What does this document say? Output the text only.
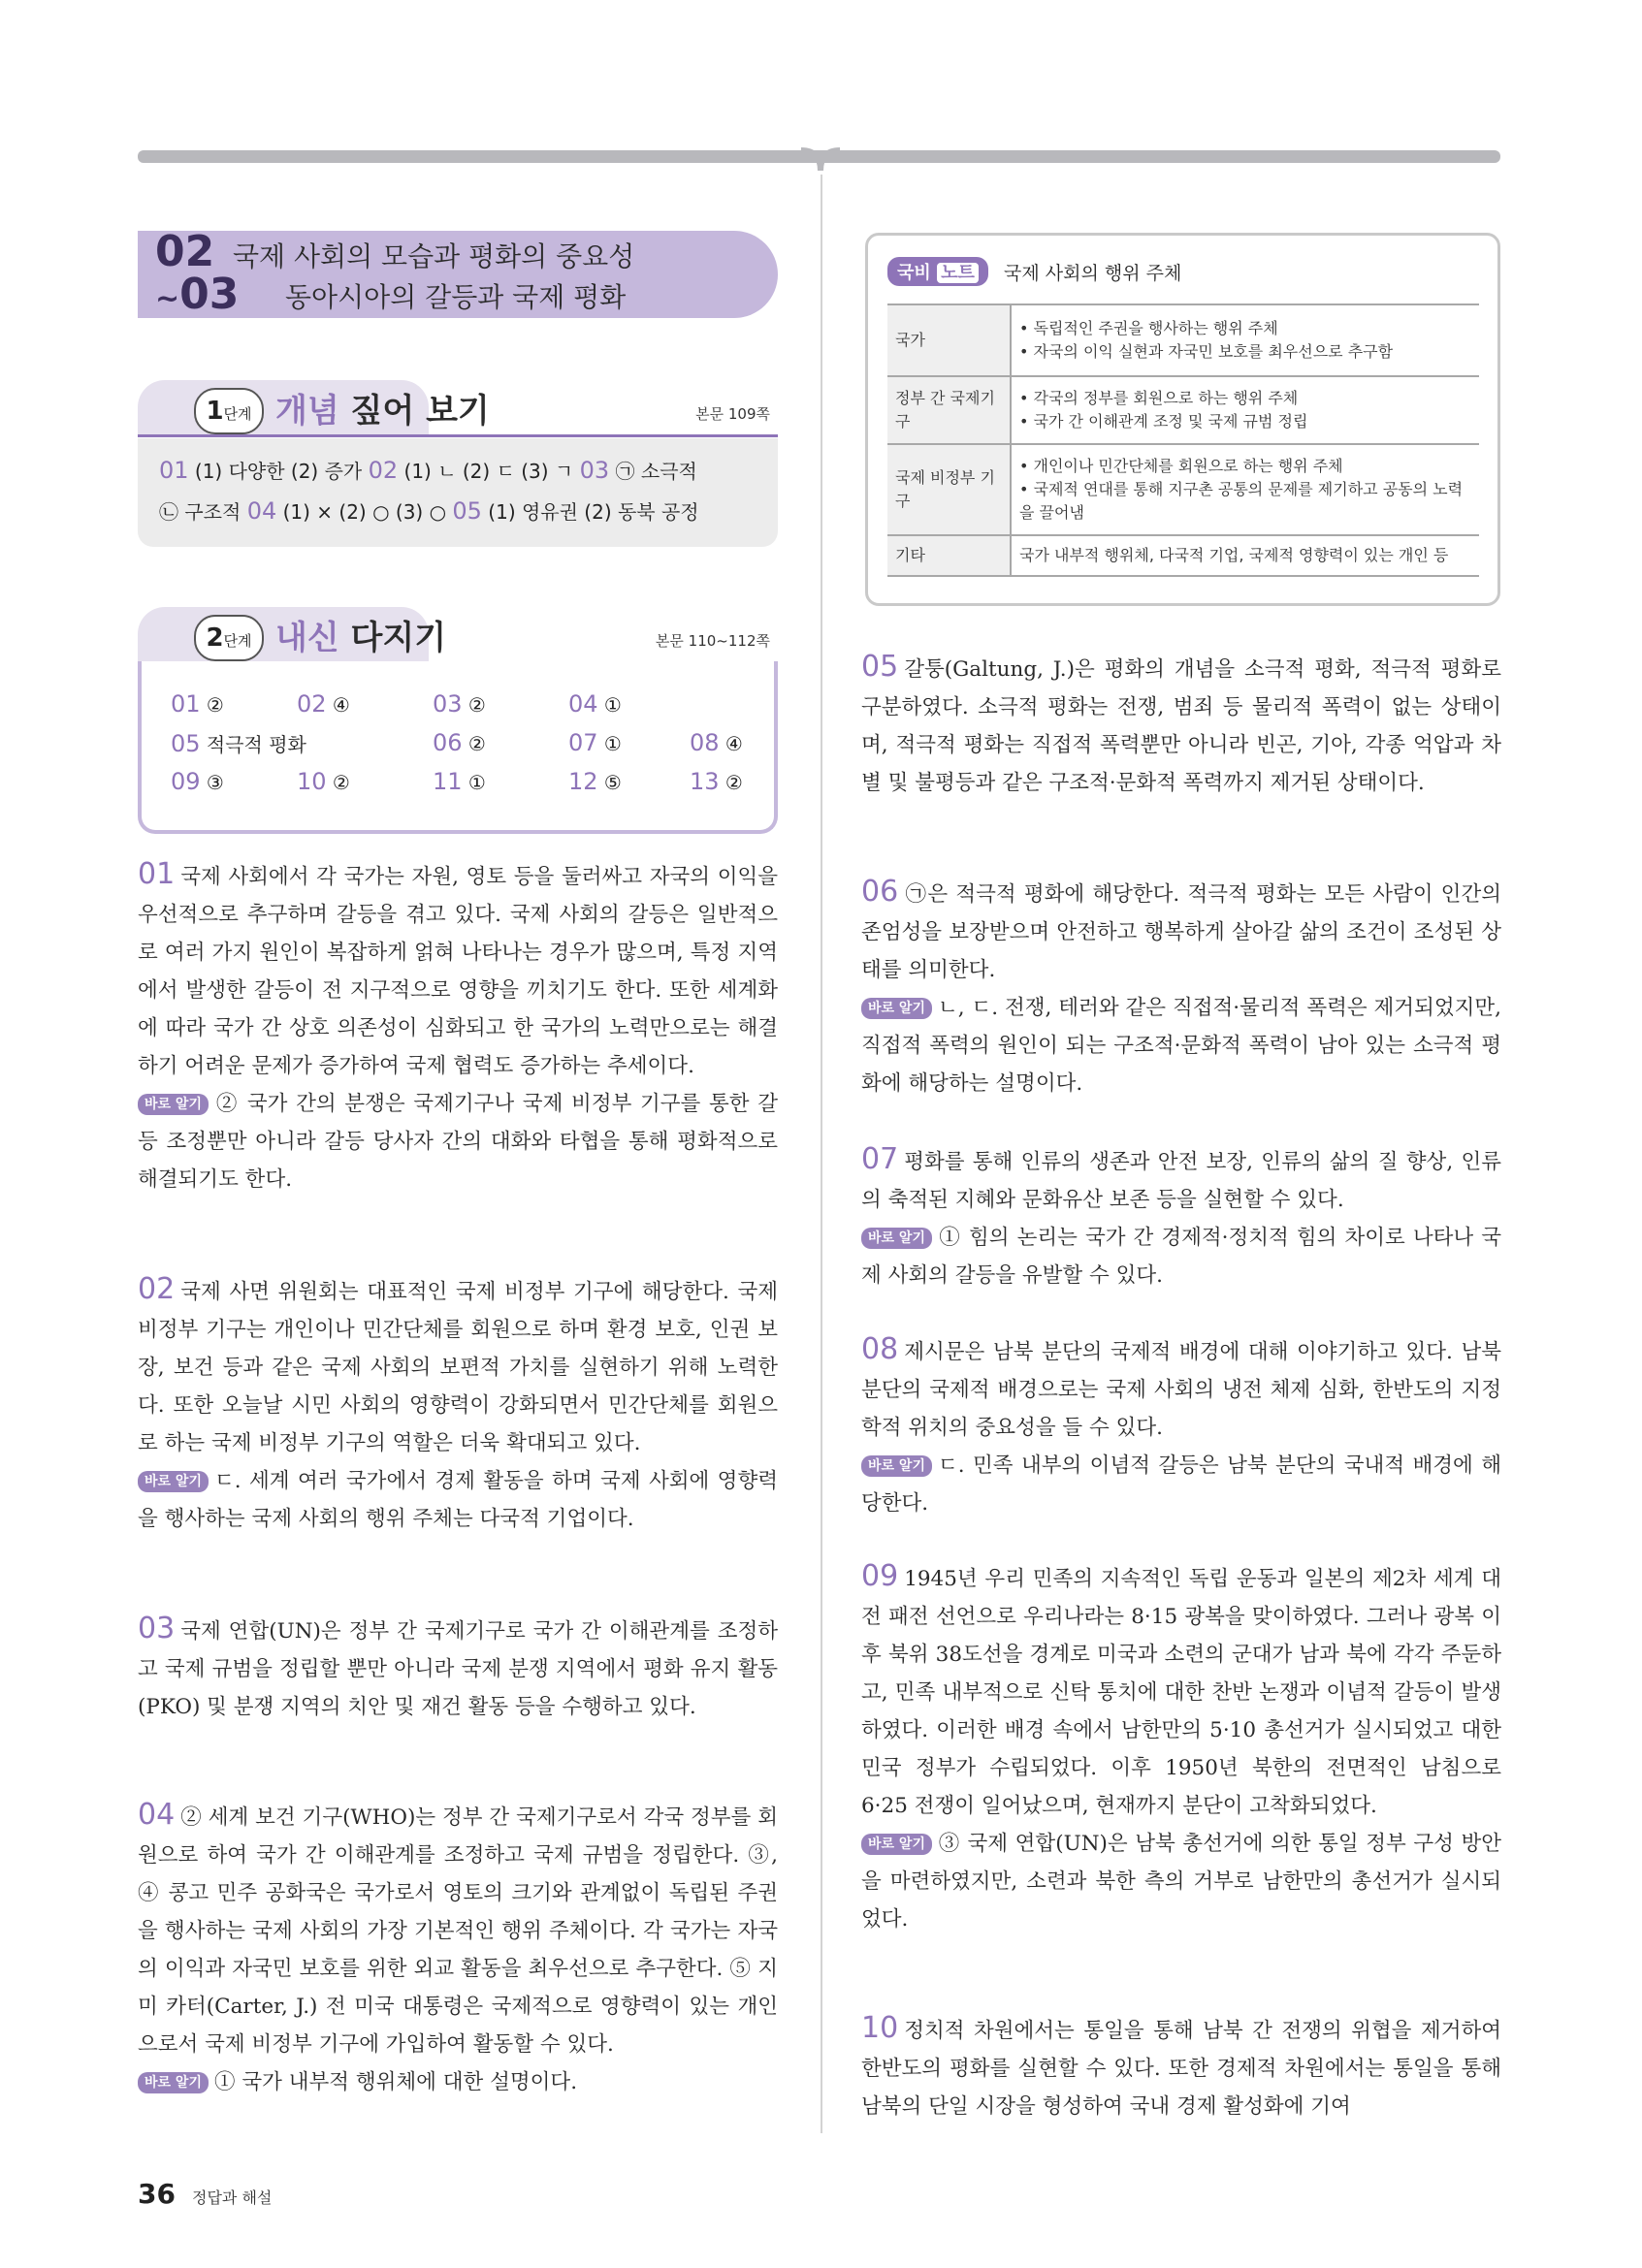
02
~03
국제 사회의 모습과 평화의 중요성
동아시아의 갈등과 국제 평화
1단계 개념 짚어 보기	본문 109쪽
01 (1) 다양한 (2) 증가 02 (1) ㄴ (2) ㄷ (3) ㄱ 03 ㉠ 소극적
㉡ 구조적 04 (1) × (2) ○ (3) ○ 05 (1) 영유권 (2) 동북 공정
2단계 내신 다지기	본문 110~112쪽
01 ②	02 ④	03 ②	04 ①
05 적극적 평화	06 ②	07 ①	08 ④
09 ③	10 ②	11 ①	12 ⑤	13 ②
01 국제 사회에서 각 국가는 자원, 영토 등을 둘러싸고 자국의 이익을 우선적으로 추구하며 갈등을 겪고 있다. 국제 사회의 갈등은 일반적으로 여러 가지 원인이 복잡하게 얽혀 나타나는 경우가 많으며, 특정 지역에서 발생한 갈등이 전 지구적으로 영향을 끼치기도 한다. 또한 세계화에 따라 국가 간 상호 의존성이 심화되고 한 국가의 노력만으로는 해결하기 어려운 문제가 증가하여 국제 협력도 증가하는 추세이다.
바로 알기 ② 국가 간의 분쟁은 국제기구나 국제 비정부 기구를 통한 갈등 조정뿐만 아니라 갈등 당사자 간의 대화와 타협을 통해 평화적으로 해결되기도 한다.
02 국제 사면 위원회는 대표적인 국제 비정부 기구에 해당한다. 국제 비정부 기구는 개인이나 민간단체를 회원으로 하며 환경 보호, 인권 보장, 보건 등과 같은 국제 사회의 보편적 가치를 실현하기 위해 노력한다. 또한 오늘날 시민 사회의 영향력이 강화되면서 민간단체를 회원으로 하는 국제 비정부 기구의 역할은 더욱 확대되고 있다.
바로 알기 ㄷ. 세계 여러 국가에서 경제 활동을 하며 국제 사회에 영향력을 행사하는 국제 사회의 행위 주체는 다국적 기업이다.
03 국제 연합(UN)은 정부 간 국제기구로 국가 간 이해관계를 조정하고 국제 규범을 정립할 뿐만 아니라 국제 분쟁 지역에서 평화 유지 활동(PKO) 및 분쟁 지역의 치안 및 재건 활동 등을 수행하고 있다.
04 ② 세계 보건 기구(WHO)는 정부 간 국제기구로서 각국 정부를 회원으로 하여 국가 간 이해관계를 조정하고 국제 규범을 정립한다. ③, ④ 콩고 민주 공화국은 국가로서 영토의 크기와 관계없이 독립된 주권을 행사하는 국제 사회의 가장 기본적인 행위 주체이다. 각 국가는 자국의 이익과 자국민 보호를 위한 외교 활동을 최우선으로 추구한다. ⑤ 지미 카터(Carter, J.) 전 미국 대통령은 국제적으로 영향력이 있는 개인으로서 국제 비정부 기구에 가입하여 활동할 수 있다.
바로 알기 ① 국가 내부적 행위체에 대한 설명이다.
국비 노트	국제 사회의 행위 주체
국가	• 독립적인 주권을 행사하는 행위 주체
• 자국의 이익 실현과 자국민 보호를 최우선으로 추구함

정부 간 국제기구	• 각국의 정부를 회원으로 하는 행위 주체
• 국가 간 이해관계 조정 및 국제 규범 정립

국제 비정부 기구	• 개인이나 민간단체를 회원으로 하는 행위 주체
• 국제적 연대를 통해 지구촌 공통의 문제를 제기하고 공동의 노력을 끌어냄

기타	국가 내부적 행위체, 다국적 기업, 국제적 영향력이 있는 개인 등
05 갈퉁(Galtung, J.)은 평화의 개념을 소극적 평화, 적극적 평화로 구분하였다. 소극적 평화는 전쟁, 범죄 등 물리적 폭력이 없는 상태이며, 적극적 평화는 직접적 폭력뿐만 아니라 빈곤, 기아, 각종 억압과 차별 및 불평등과 같은 구조적·문화적 폭력까지 제거된 상태이다.
06 ㉠은 적극적 평화에 해당한다. 적극적 평화는 모든 사람이 인간의 존엄성을 보장받으며 안전하고 행복하게 살아갈 삶의 조건이 조성된 상태를 의미한다.
바로 알기 ㄴ, ㄷ. 전쟁, 테러와 같은 직접적·물리적 폭력은 제거되었지만, 직접적 폭력의 원인이 되는 구조적·문화적 폭력이 남아 있는 소극적 평화에 해당하는 설명이다.
07 평화를 통해 인류의 생존과 안전 보장, 인류의 삶의 질 향상, 인류의 축적된 지혜와 문화유산 보존 등을 실현할 수 있다.
바로 알기 ① 힘의 논리는 국가 간 경제적·정치적 힘의 차이로 나타나 국제 사회의 갈등을 유발할 수 있다.
08 제시문은 남북 분단의 국제적 배경에 대해 이야기하고 있다. 남북 분단의 국제적 배경으로는 국제 사회의 냉전 체제 심화, 한반도의 지정학적 위치의 중요성을 들 수 있다.
바로 알기 ㄷ. 민족 내부의 이념적 갈등은 남북 분단의 국내적 배경에 해당한다.
09 1945년 우리 민족의 지속적인 독립 운동과 일본의 제2차 세계 대전 패전 선언으로 우리나라는 8·15 광복을 맞이하였다. 그러나 광복 이후 북위 38도선을 경계로 미국과 소련의 군대가 남과 북에 각각 주둔하고, 민족 내부적으로 신탁 통치에 대한 찬반 논쟁과 이념적 갈등이 발생하였다. 이러한 배경 속에서 남한만의 5·10 총선거가 실시되었고 대한민국 정부가 수립되었다. 이후 1950년 북한의 전면적인 남침으로 6·25 전쟁이 일어났으며, 현재까지 분단이 고착화되었다.
바로 알기 ③ 국제 연합(UN)은 남북 총선거에 의한 통일 정부 구성 방안을 마련하였지만, 소련과 북한 측의 거부로 남한만의 총선거가 실시되었다.
10 정치적 차원에서는 통일을 통해 남북 간 전쟁의 위협을 제거하여 한반도의 평화를 실현할 수 있다. 또한 경제적 차원에서는 통일을 통해 남북의 단일 시장을 형성하여 국내 경제 활성화에 기여
36 정답과 해설
